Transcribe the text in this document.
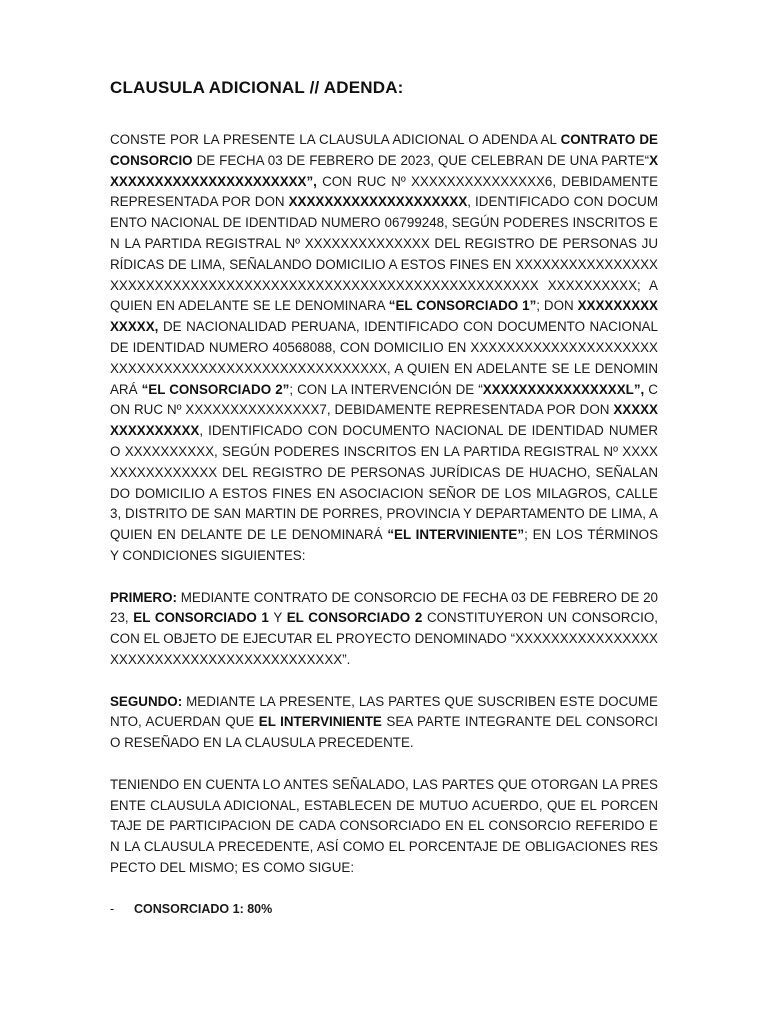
CLAUSULA ADICIONAL // ADENDA:

CONSTE POR LA PRESENTE LA CLAUSULA ADICIONAL O ADENDA AL CONTRATO DE CONSORCIO DE FECHA 03 DE FEBRERO DE 2023, QUE CELEBRAN DE UNA PARTE“XXXXXXXXXXXXXXXXXXXXXXX”, CON RUC Nº XXXXXXXXXXXXXXX6, DEBIDAMENTE REPRESENTADA POR DON XXXXXXXXXXXXXXXXXXXX, IDENTIFICADO CON DOCUMENTO NACIONAL DE IDENTIDAD NUMERO 06799248, SEGÚN PODERES INSCRITOS EN LA PARTIDA REGISTRAL Nº XXXXXXXXXXXXXX DEL REGISTRO DE PERSONAS JURÍDICAS DE LIMA, SEÑALANDO DOMICILIO A ESTOS FINES EN XXXXXXXXXXXXXXXXXXXXXXXXXXXXXXXXXXXXXXXXXXXXXXXXXXXXXXXXXXXXXXXX XXXXXXXXXX; A QUIEN EN ADELANTE SE LE DENOMINARA “EL CONSORCIADO 1”; DON XXXXXXXXXXXXXX, DE NACIONALIDAD PERUANA, IDENTIFICADO CON DOCUMENTO NACIONAL DE IDENTIDAD NUMERO 40568088, CON DOMICILIO EN XXXXXXXXXXXXXXXXXXXXXXXXXXXXXXXXXXXXXXXXXXXXXXXXXXXX, A QUIEN EN ADELANTE SE LE DENOMINARÁ “EL CONSORCIADO 2”; CON LA INTERVENCIÓN DE “XXXXXXXXXXXXXXXXL”, CON RUC Nº XXXXXXXXXXXXXXX7, DEBIDAMENTE REPRESENTADA POR DON XXXXXXXXXXXXXXX, IDENTIFICADO CON DOCUMENTO NACIONAL DE IDENTIDAD NUMERO XXXXXXXXXX, SEGÚN PODERES INSCRITOS EN LA PARTIDA REGISTRAL Nº XXXXXXXXXXXXXXXX DEL REGISTRO DE PERSONAS JURÍDICAS DE HUACHO, SEÑALANDO DOMICILIO A ESTOS FINES EN ASOCIACION SEÑOR DE LOS MILAGROS, CALLE 3, DISTRITO DE SAN MARTIN DE PORRES, PROVINCIA Y DEPARTAMENTO DE LIMA, A QUIEN EN DELANTE DE LE DENOMINARÁ “EL INTERVINIENTE”; EN LOS TÉRMINOS Y CONDICIONES SIGUIENTES:

PRIMERO: MEDIANTE CONTRATO DE CONSORCIO DE FECHA 03 DE FEBRERO DE 2023, EL CONSORCIADO 1 Y EL CONSORCIADO 2 CONSTITUYERON UN CONSORCIO, CON EL OBJETO DE EJECUTAR EL PROYECTO DENOMINADO “XXXXXXXXXXXXXXXXXXXXXXXXXXXXXXXXXXXXXXXXXX”.

SEGUNDO: MEDIANTE LA PRESENTE, LAS PARTES QUE SUSCRIBEN ESTE DOCUMENTO, ACUERDAN QUE EL INTERVINIENTE SEA PARTE INTEGRANTE DEL CONSORCIO RESEÑADO EN LA CLAUSULA PRECEDENTE.

TENIENDO EN CUENTA LO ANTES SEÑALADO, LAS PARTES QUE OTORGAN LA PRESENTE CLAUSULA ADICIONAL, ESTABLECEN DE MUTUO ACUERDO, QUE EL PORCENTAJE DE PARTICIPACION DE CADA CONSORCIADO EN EL CONSORCIO REFERIDO EN LA CLAUSULA PRECEDENTE, ASÍ COMO EL PORCENTAJE DE OBLIGACIONES RESPECTO DEL MISMO; ES COMO SIGUE:

- CONSORCIADO 1: 80%
